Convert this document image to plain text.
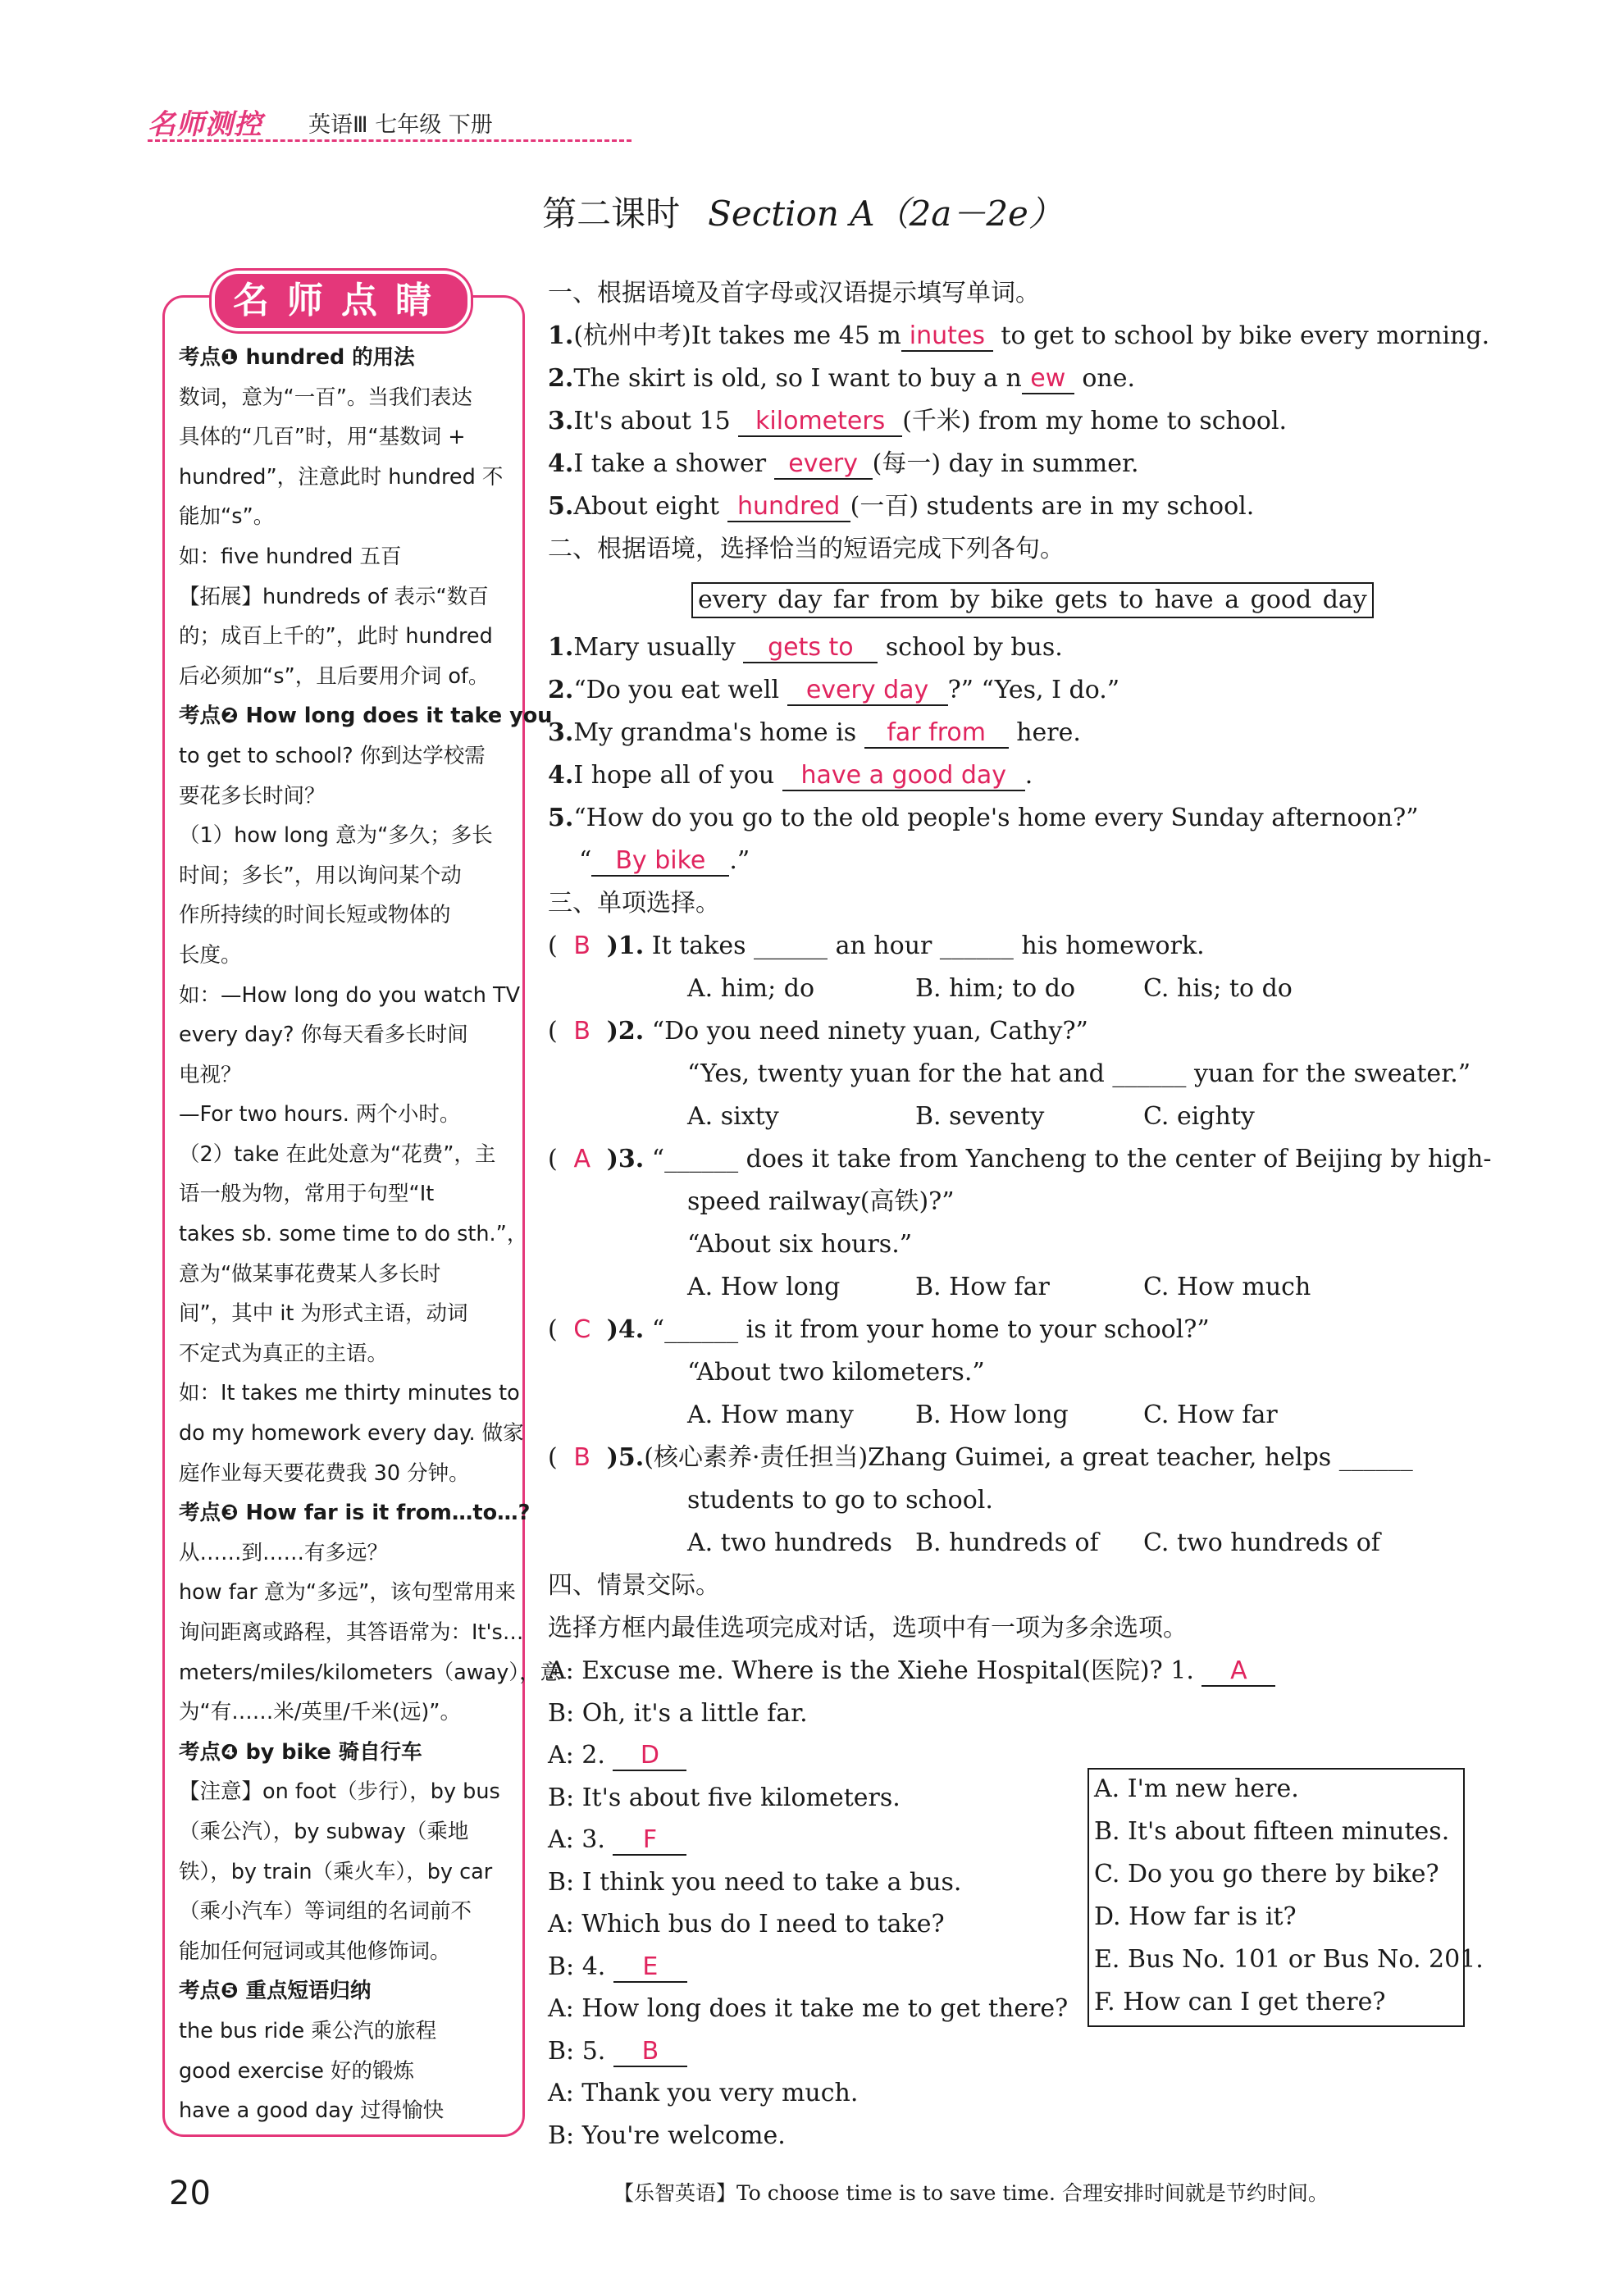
名师测控 英语Ⅲ 七年级 下册
第二课时 Section A（2a－2e）
名师点睛
考点❶ hundred 的用法
数词，意为“一百”。当我们表达
具体的“几百”时，用“基数词 +
hundred”，注意此时 hundred 不
能加“s”。
如：five hundred 五百
【拓展】hundreds of 表示“数百
的；成百上千的”，此时 hundred
后必须加“s”，且后要用介词 of。
考点❷ How long does it take you
to get to school? 你到达学校需
要花多长时间？
（1）how long 意为“多久；多长
时间；多长”，用以询问某个动
作所持续的时间长短或物体的
长度。
如：—How long do you watch TV
every day? 你每天看多长时间
电视？
—For two hours. 两个小时。
（2）take 在此处意为“花费”，主
语一般为物，常用于句型“It
takes sb. some time to do sth.”，
意为“做某事花费某人多长时
间”，其中 it 为形式主语，动词
不定式为真正的主语。
如：It takes me thirty minutes to
do my homework every day. 做家
庭作业每天要花费我 30 分钟。
考点❸ How far is it from…to…?
从……到……有多远？
how far 意为“多远”，该句型常用来
询问距离或路程，其答语常为：It's…
meters/miles/kilometers（away），意
为“有……米/英里/千米(远)”。
考点❹ by bike 骑自行车
【注意】on foot（步行），by bus
（乘公汽），by subway（乘地
铁），by train（乘火车），by car
（乘小汽车）等词组的名词前不
能加任何冠词或其他修饰词。
考点❺ 重点短语归纳
the bus ride 乘公汽的旅程
good exercise 好的锻炼
have a good day 过得愉快
一、根据语境及首字母或汉语提示填写单词。
1.(杭州中考)It takes me 45 m inutes to get to school by bike every morning.
2.The skirt is old, so I want to buy a n ew one.
3.It's about 15 kilometers (千米) from my home to school.
4.I take a shower every (每一) day in summer.
5.About eight hundred (一百) students are in my school.
二、根据语境，选择恰当的短语完成下列各句。
every day far from by bike gets to have a good day
1.Mary usually gets to school by bus.
2.“Do you eat well every day ?” “Yes, I do.”
3.My grandma's home is far from here.
4.I hope all of you have a good day .
5.“How do you go to the old people's home every Sunday afternoon?”
“ By bike .”
三、单项选择。
( B )1. It takes ______ an hour ______ his homework.
A. him; do	B. him; to do	C. his; to do
( B )2. “Do you need ninety yuan, Cathy?”
“Yes, twenty yuan for the hat and ______ yuan for the sweater.”
A. sixty	B. seventy	C. eighty
( A )3. “______ does it take from Yancheng to the center of Beijing by high-
speed railway(高铁)?”
“About six hours.”
A. How long	B. How far	C. How much
( C )4. “______ is it from your home to your school?”
“About two kilometers.”
A. How many	B. How long	C. How far
( B )5.(核心素养·责任担当)Zhang Guimei, a great teacher, helps ______
students to go to school.
A. two hundreds B. hundreds of C. two hundreds of
四、情景交际。
选择方框内最佳选项完成对话，选项中有一项为多余选项。
A: Excuse me. Where is the Xiehe Hospital(医院)? 1. A
B: Oh, it's a little far.
A: 2. D
B: It's about five kilometers.
A: 3. F
B: I think you need to take a bus.
A: Which bus do I need to take?
B: 4. E
A: How long does it take me to get there?
B: 5. B
A: Thank you very much.
B: You're welcome.
A. I'm new here.
B. It's about fifteen minutes.
C. Do you go there by bike?
D. How far is it?
E. Bus No. 101 or Bus No. 201.
F. How can I get there?
20	【乐智英语】To choose time is to save time. 合理安排时间就是节约时间。
